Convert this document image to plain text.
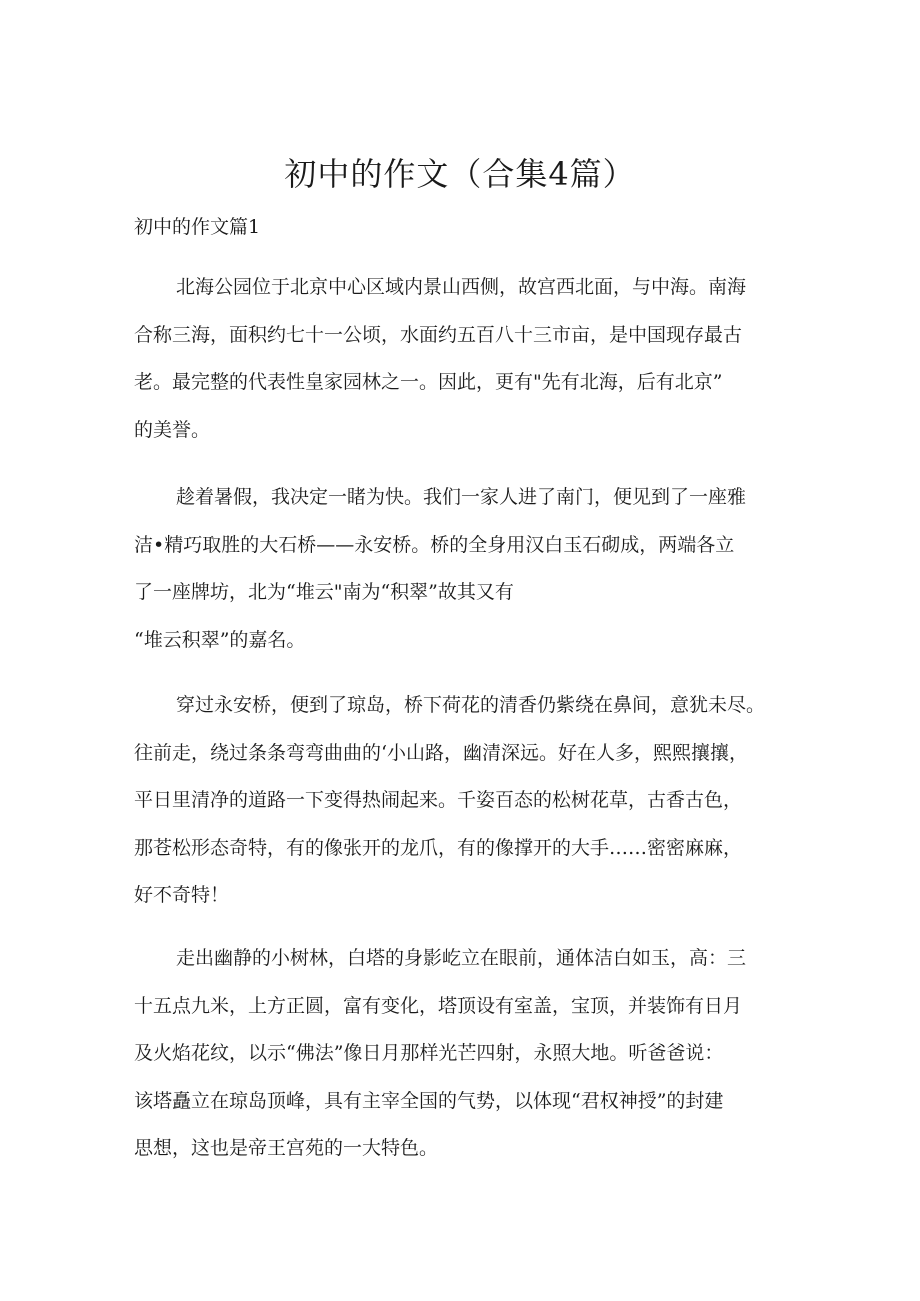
初中的作文（合集4篇）
初中的作文篇1

北海公园位于北京中心区域内景山西侧，故宫西北面，与中海。南海
合称三海，面积约七十一公顷，水面约五百八十三市亩，是中国现存最古
老。最完整的代表性皇家园林之一。因此，更有"先有北海，后有北京”
的美誉。

趁着暑假，我决定一睹为快。我们一家人进了南门，便见到了一座雅
洁•精巧取胜的大石桥——永安桥。桥的全身用汉白玉石砌成，两端各立
了一座牌坊，北为“堆云"南为“积翠”故其又有
“堆云积翠”的嘉名。

穿过永安桥，便到了琼岛，桥下荷花的清香仍紫绕在鼻间，意犹未尽。
往前走，绕过条条弯弯曲曲的‘小山路，幽清深远。好在人多，熙熙攘攘，
平日里清净的道路一下变得热闹起来。千姿百态的松树花草，古香古色，
那苍松形态奇特，有的像张开的龙爪，有的像撑开的大手……密密麻麻，
好不奇特！

走出幽静的小树林，白塔的身影屹立在眼前，通体洁白如玉，高：三
十五点九米，上方正圆，富有变化，塔顶设有室盖，宝顶，并装饰有日月
及火焰花纹，以示“佛法”像日月那样光芒四射，永照大地。听爸爸说：
该塔矗立在琼岛顶峰，具有主宰全国的气势，以体现“君权神授”的封建
思想，这也是帝王宫苑的一大特色。
